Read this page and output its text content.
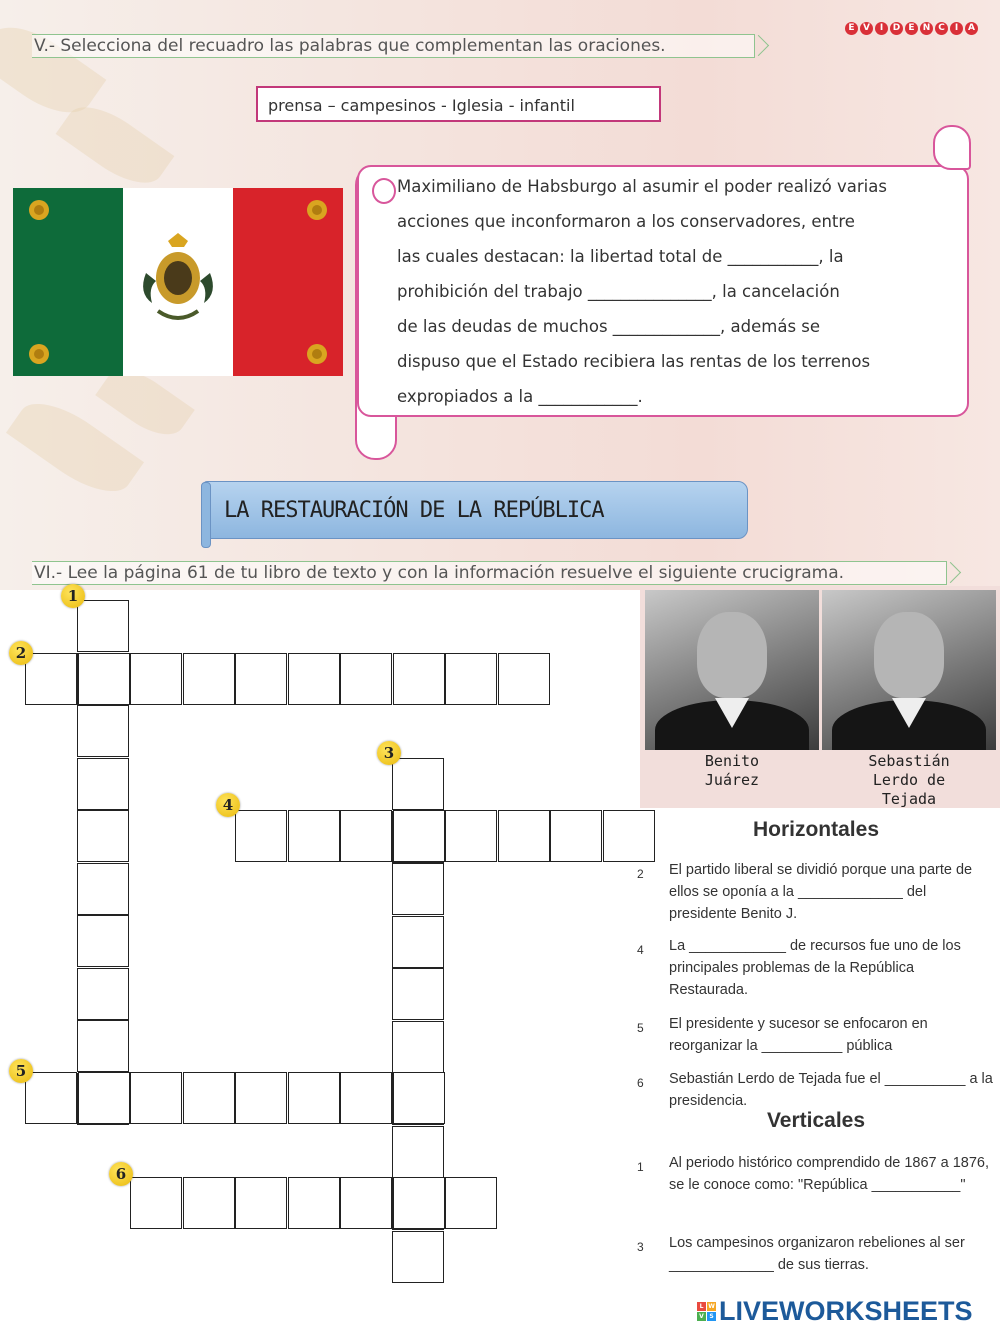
V.- Selecciona del recuadro las palabras que complementan las oraciones.
E V	I	D E N C	I	A
prensa – campesinos - Iglesia - infantil
Maximiliano de Habsburgo al asumir el poder realizó varias
acciones que inconformaron a los conservadores, entre
las cuales destacan: la libertad total de ___________, la
prohibición del trabajo _______________, la cancelación
de las deudas de muchos _____________, además se
dispuso que el Estado recibiera las rentas de los terrenos
expropiados a la ____________.
LA RESTAURACIÓN DE LA REPÚBLICA
VI.- Lee la página 61 de tu libro de texto y con la información resuelve el siguiente crucigrama.
1
2
3
4
5
6
Benito
Juárez
Sebastián
Lerdo de
Tejada
Horizontales
2 El partido liberal se dividió porque una parte de ellos se oponía a la _____________ del presidente Benito J.
4 La ____________ de recursos fue uno de los principales problemas de la República Restaurada.
5 El presidente y sucesor se enfocaron en reorganizar la __________ pública
6 Sebastián Lerdo de Tejada fue el __________ a la presidencia.
Verticales
1 Al periodo histórico comprendido de 1867 a 1876, se le conoce como: "República ___________"
3 Los campesinos organizaron rebeliones al ser _____________ de sus tierras.
L W
V S LIVEWORKSHEETS
